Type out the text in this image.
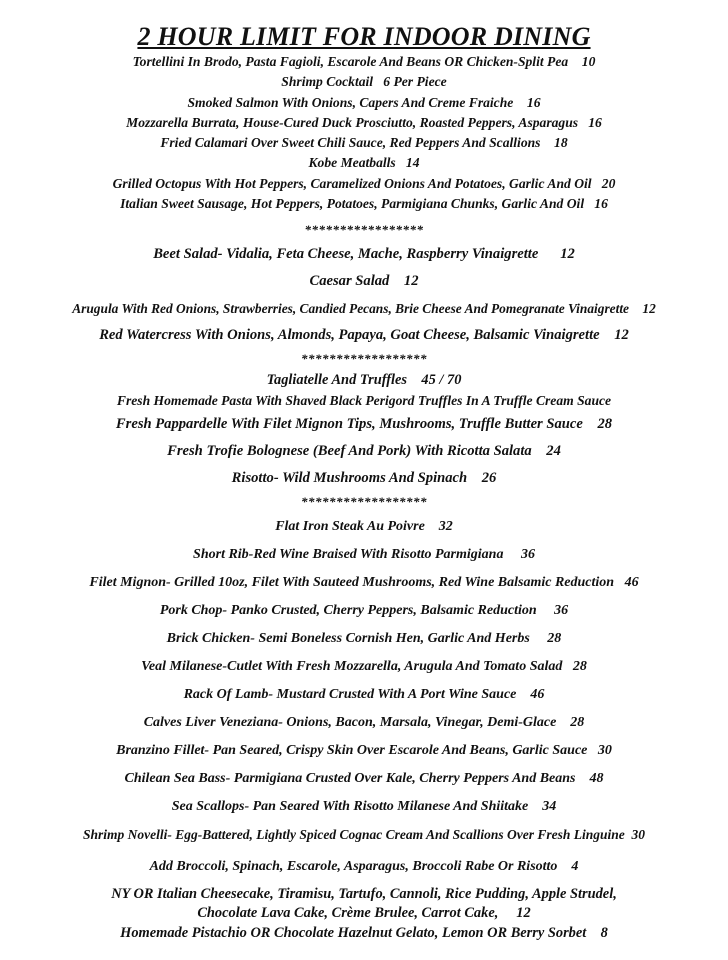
2 HOUR LIMIT FOR INDOOR DINING

Tortellini In Brodo, Pasta Fagioli, Escarole And Beans OR Chicken-Split Pea    10

Shrimp Cocktail   6 Per Piece

Smoked Salmon With Onions, Capers And Creme Fraiche    16

Mozzarella Burrata, House-Cured Duck Prosciutto, Roasted Peppers, Asparagus   16

Fried Calamari Over Sweet Chili Sauce, Red Peppers And Scallions    18

Kobe Meatballs   14

Grilled Octopus With Hot Peppers, Caramelized Onions And Potatoes, Garlic And Oil   20

Italian Sweet Sausage, Hot Peppers, Potatoes, Parmigiana Chunks, Garlic And Oil   16

*****************

Beet Salad- Vidalia, Feta Cheese, Mache, Raspberry Vinaigrette      12

Caesar Salad    12

Arugula With Red Onions, Strawberries, Candied Pecans, Brie Cheese And Pomegranate Vinaigrette    12

Red Watercress With Onions, Almonds, Papaya, Goat Cheese, Balsamic Vinaigrette    12

******************

Tagliatelle And Truffles    45 / 70

Fresh Homemade Pasta With Shaved Black Perigord Truffles In A Truffle Cream Sauce

Fresh Pappardelle With Filet Mignon Tips, Mushrooms, Truffle Butter Sauce    28

Fresh Trofie Bolognese (Beef And Pork) With Ricotta Salata    24

Risotto- Wild Mushrooms And Spinach    26

******************

Flat Iron Steak Au Poivre    32

Short Rib-Red Wine Braised With Risotto Parmigiana     36

Filet Mignon- Grilled 10oz, Filet With Sauteed Mushrooms, Red Wine Balsamic Reduction   46

Pork Chop- Panko Crusted, Cherry Peppers, Balsamic Reduction     36

Brick Chicken- Semi Boneless Cornish Hen, Garlic And Herbs     28

Veal Milanese-Cutlet With Fresh Mozzarella, Arugula And Tomato Salad   28

Rack Of Lamb- Mustard Crusted With A Port Wine Sauce    46

Calves Liver Veneziana- Onions, Bacon, Marsala, Vinegar, Demi-Glace    28

Branzino Fillet- Pan Seared, Crispy Skin Over Escarole And Beans, Garlic Sauce   30

Chilean Sea Bass- Parmigiana Crusted Over Kale, Cherry Peppers And Beans    48

Sea Scallops- Pan Seared With Risotto Milanese And Shiitake    34

Shrimp Novelli- Egg-Battered, Lightly Spiced Cognac Cream And Scallions Over Fresh Linguine  30

Add Broccoli, Spinach, Escarole, Asparagus, Broccoli Rabe Or Risotto    4

NY OR Italian Cheesecake, Tiramisu, Tartufo, Cannoli, Rice Pudding, Apple Strudel,

Chocolate Lava Cake, Crème Brulee, Carrot Cake,     12

Homemade Pistachio OR Chocolate Hazelnut Gelato, Lemon OR Berry Sorbet    8
